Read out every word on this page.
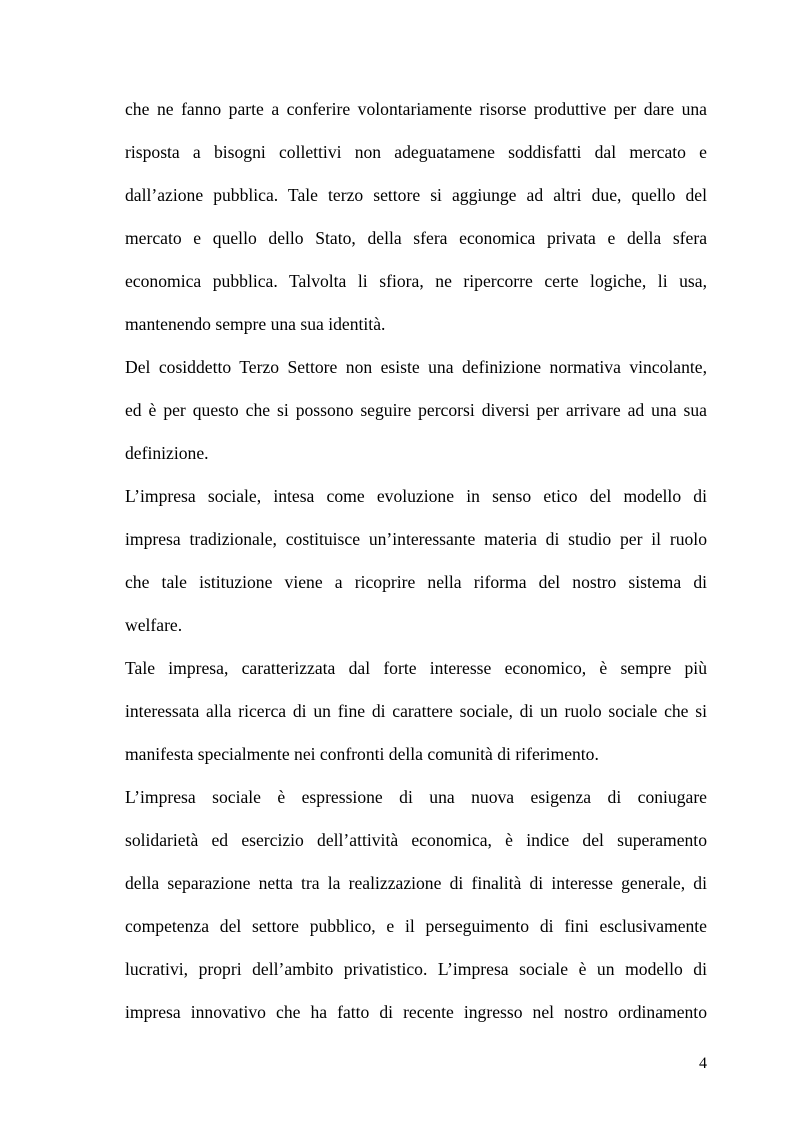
che ne fanno parte a conferire volontariamente risorse produttive per dare una
risposta a bisogni collettivi non adeguatamene soddisfatti dal mercato e
dall’azione pubblica. Tale terzo settore si aggiunge ad altri due, quello del
mercato e quello dello Stato, della sfera economica privata e della sfera
economica pubblica. Talvolta li sfiora, ne ripercorre certe logiche, li usa,
mantenendo sempre una sua identità.

Del cosiddetto Terzo Settore non esiste una definizione normativa vincolante,
ed è per questo che si possono seguire percorsi diversi per arrivare ad una sua
definizione.

L’impresa sociale, intesa come evoluzione in senso etico del modello di
impresa tradizionale, costituisce un’interessante materia di studio per il ruolo
che tale istituzione viene a ricoprire nella riforma del nostro sistema di
welfare.

Tale impresa, caratterizzata dal forte interesse economico, è sempre più
interessata alla ricerca di un fine di carattere sociale, di un ruolo sociale che si
manifesta specialmente nei confronti della comunità di riferimento.

L’impresa sociale è espressione di una nuova esigenza di coniugare
solidarietà ed esercizio dell’attività economica, è indice del superamento
della separazione netta tra la realizzazione di finalità di interesse generale, di
competenza del settore pubblico, e il perseguimento di fini esclusivamente
lucrativi, propri dell’ambito privatistico. L’impresa sociale è un modello di
impresa innovativo che ha fatto di recente ingresso nel nostro ordinamento

4
